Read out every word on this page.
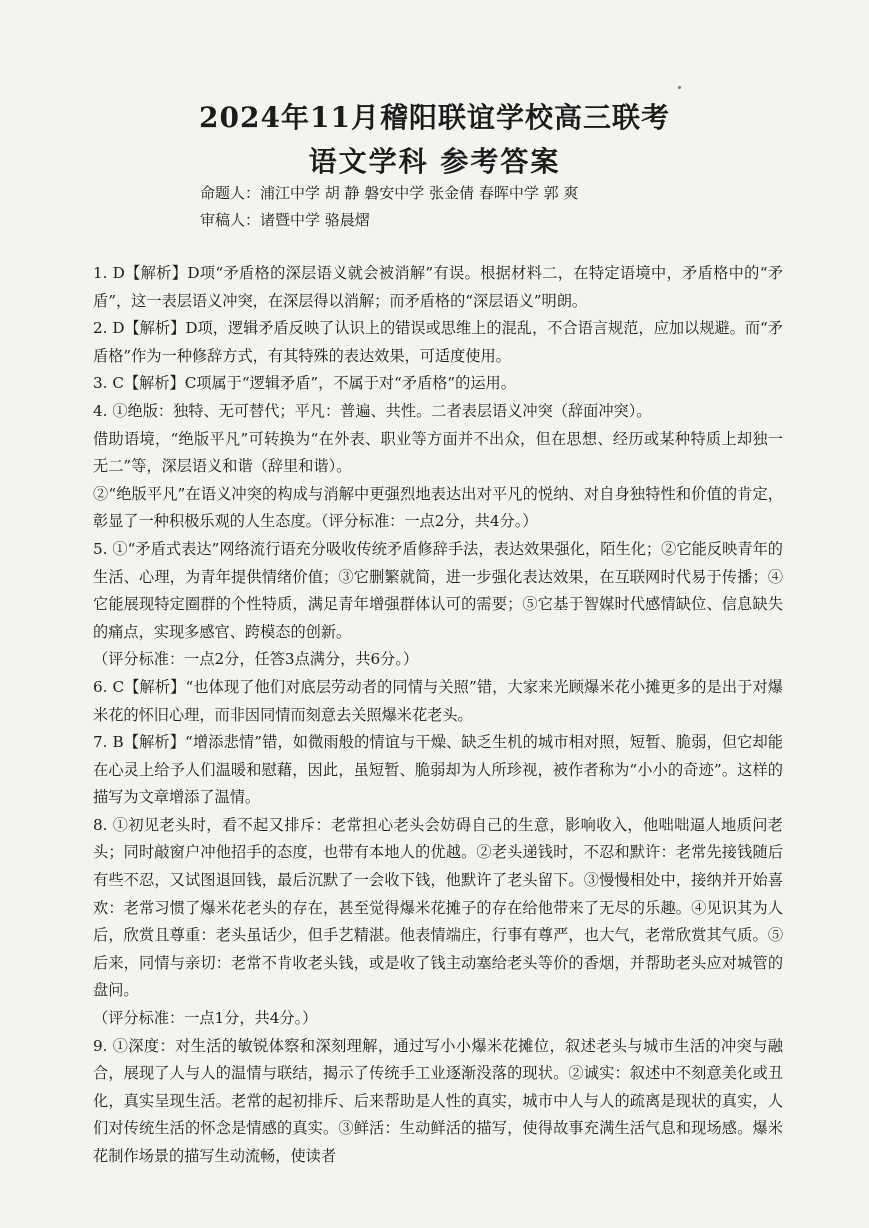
2024年11月稽阳联谊学校高三联考
语文学科 参考答案
命题人：浦江中学 胡 静 磐安中学 张金倩 春晖中学 郭 爽
审稿人：诸暨中学 骆晨熠

1. D【解析】D项“矛盾格的深层语义就会被消解”有误。根据材料二，在特定语境中，矛盾格中的“矛盾”，这一表层语义冲突，在深层得以消解；而矛盾格的“深层语义”明朗。

2. D【解析】D项，逻辑矛盾反映了认识上的错误或思维上的混乱，不合语言规范，应加以规避。而“矛盾格”作为一种修辞方式，有其特殊的表达效果，可适度使用。

3. C【解析】C项属于“逻辑矛盾”，不属于对“矛盾格”的运用。

4. ①绝版：独特、无可替代；平凡：普遍、共性。二者表层语义冲突（辞面冲突）。

借助语境，“绝版平凡”可转换为“在外表、职业等方面并不出众，但在思想、经历或某种特质上却独一无二”等，深层语义和谐（辞里和谐）。

②“绝版平凡”在语义冲突的构成与消解中更强烈地表达出对平凡的悦纳、对自身独特性和价值的肯定，彰显了一种积极乐观的人生态度。（评分标准：一点2分，共4分。）

5. ①“矛盾式表达”网络流行语充分吸收传统矛盾修辞手法，表达效果强化，陌生化；②它能反映青年的生活、心理，为青年提供情绪价值；③它删繁就简，进一步强化表达效果，在互联网时代易于传播；④它能展现特定圈群的个性特质，满足青年增强群体认可的需要；⑤它基于智媒时代感情缺位、信息缺失的痛点，实现多感官、跨模态的创新。

（评分标准：一点2分，任答3点满分，共6分。）

6. C【解析】“也体现了他们对底层劳动者的同情与关照”错，大家来光顾爆米花小摊更多的是出于对爆米花的怀旧心理，而非因同情而刻意去关照爆米花老头。

7. B【解析】“增添悲情”错，如微雨般的情谊与干燥、缺乏生机的城市相对照，短暂、脆弱，但它却能在心灵上给予人们温暖和慰藉，因此，虽短暂、脆弱却为人所珍视，被作者称为“小小的奇迹”。这样的描写为文章增添了温情。

8. ①初见老头时，看不起又排斥：老常担心老头会妨碍自己的生意，影响收入，他咄咄逼人地质问老头；同时敲窗户冲他招手的态度，也带有本地人的优越。②老头递钱时，不忍和默许：老常先接钱随后有些不忍，又试图退回钱，最后沉默了一会收下钱，他默许了老头留下。③慢慢相处中，接纳并开始喜欢：老常习惯了爆米花老头的存在，甚至觉得爆米花摊子的存在给他带来了无尽的乐趣。④见识其为人后，欣赏且尊重：老头虽话少，但手艺精湛。他表情端庄，行事有尊严，也大气，老常欣赏其气质。⑤后来，同情与亲切：老常不肯收老头钱，或是收了钱主动塞给老头等价的香烟，并帮助老头应对城管的盘问。

（评分标准：一点1分，共4分。）

9. ①深度：对生活的敏锐体察和深刻理解，通过写小小爆米花摊位，叙述老头与城市生活的冲突与融合，展现了人与人的温情与联结，揭示了传统手工业逐渐没落的现状。②诚实：叙述中不刻意美化或丑化，真实呈现生活。老常的起初排斥、后来帮助是人性的真实，城市中人与人的疏离是现状的真实，人们对传统生活的怀念是情感的真实。③鲜活：生动鲜活的描写，使得故事充满生活气息和现场感。爆米花制作场景的描写生动流畅，使读者
